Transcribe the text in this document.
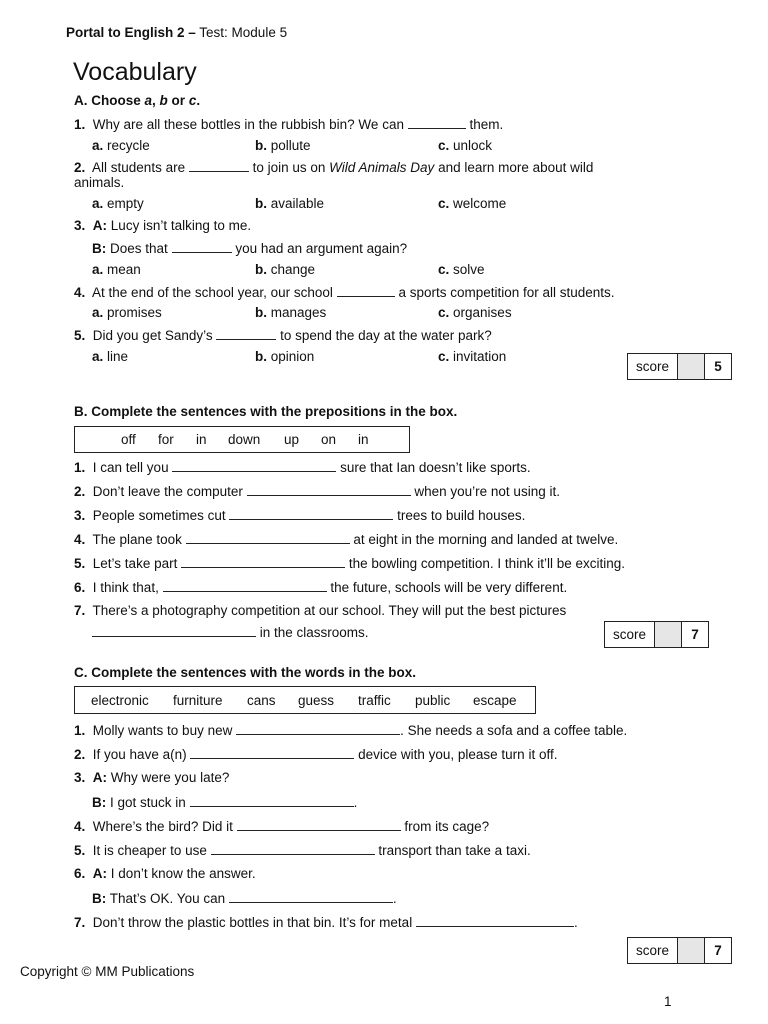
Portal to English 2 – Test: Module 5
Vocabulary
A. Choose a, b or c.
1. Why are all these bottles in the rubbish bin? We can	them.
a. recycle	b. pollute	c. unlock
2. All students are	to join us on Wild Animals Day and learn more about wild
animals.
a. empty	b. available	c. welcome
3. A: Lucy isn’t talking to me.
B: Does that	you had an argument again?
a. mean	b. change	c. solve
4. At the end of the school year, our school	a sports competition for all students.
a. promises	b. manages	c. organises
5. Did you get Sandy’s	to spend the day at the water park?
a. line	b. opinion	c. invitation
score	5
B. Complete the sentences with the prepositions in the box.
off for in down up on in
1. I can tell you	sure that Ian doesn’t like sports.
2. Don’t leave the computer	when you’re not using it.
3. People sometimes cut	trees to build houses.
4. The plane took	at eight in the morning and landed at twelve.
5. Let’s take part	the bowling competition. I think it’ll be exciting.
6. I think that,	the future, schools will be very different.
7. There’s a photography competition at our school. They will put the best pictures
in the classrooms.	score	7
C. Complete the sentences with the words in the box.
electronic furniture cans guess traffic public escape
1. Molly wants to buy new	. She needs a sofa and a coffee table.
2. If you have a(n)	device with you, please turn it off.
3. A: Why were you late?
B: I got stuck in	.
4. Where’s the bird? Did it	from its cage?
5. It is cheaper to use	transport than take a taxi.
6. A: I don’t know the answer.
B: That’s OK. You can	.
7. Don’t throw the plastic bottles in that bin. It’s for metal	.
score	7
Copyright © MM Publications
1
